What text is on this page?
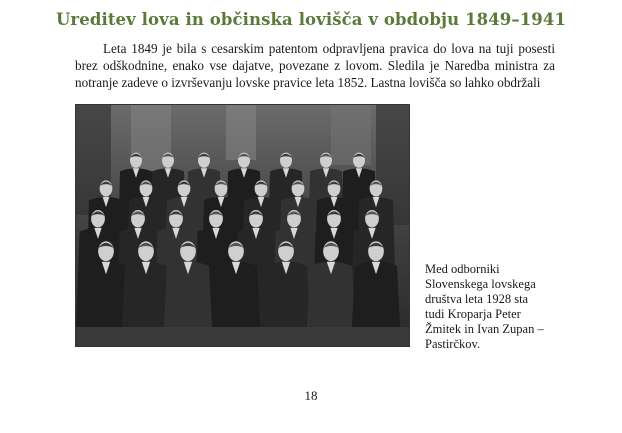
Ureditev lova in občinska lovišča v obdobju 1849–1941

Leta 1849 je bila s cesarskim patentom odpravljena pravica do lova na tuji posesti brez odškodnine, enako vse dajatve, povezane z lovom. Sledila je Naredba ministra za notranje zadeve o izvrševanju lovske pravice leta 1852. Lastna lovišča so lahko obdržali

Med odborniki
Slovenskega lovskega
društva leta 1928 sta
tudi Kroparja Peter
Žmitek in Ivan Zupan –
Pastirčkov.
18
